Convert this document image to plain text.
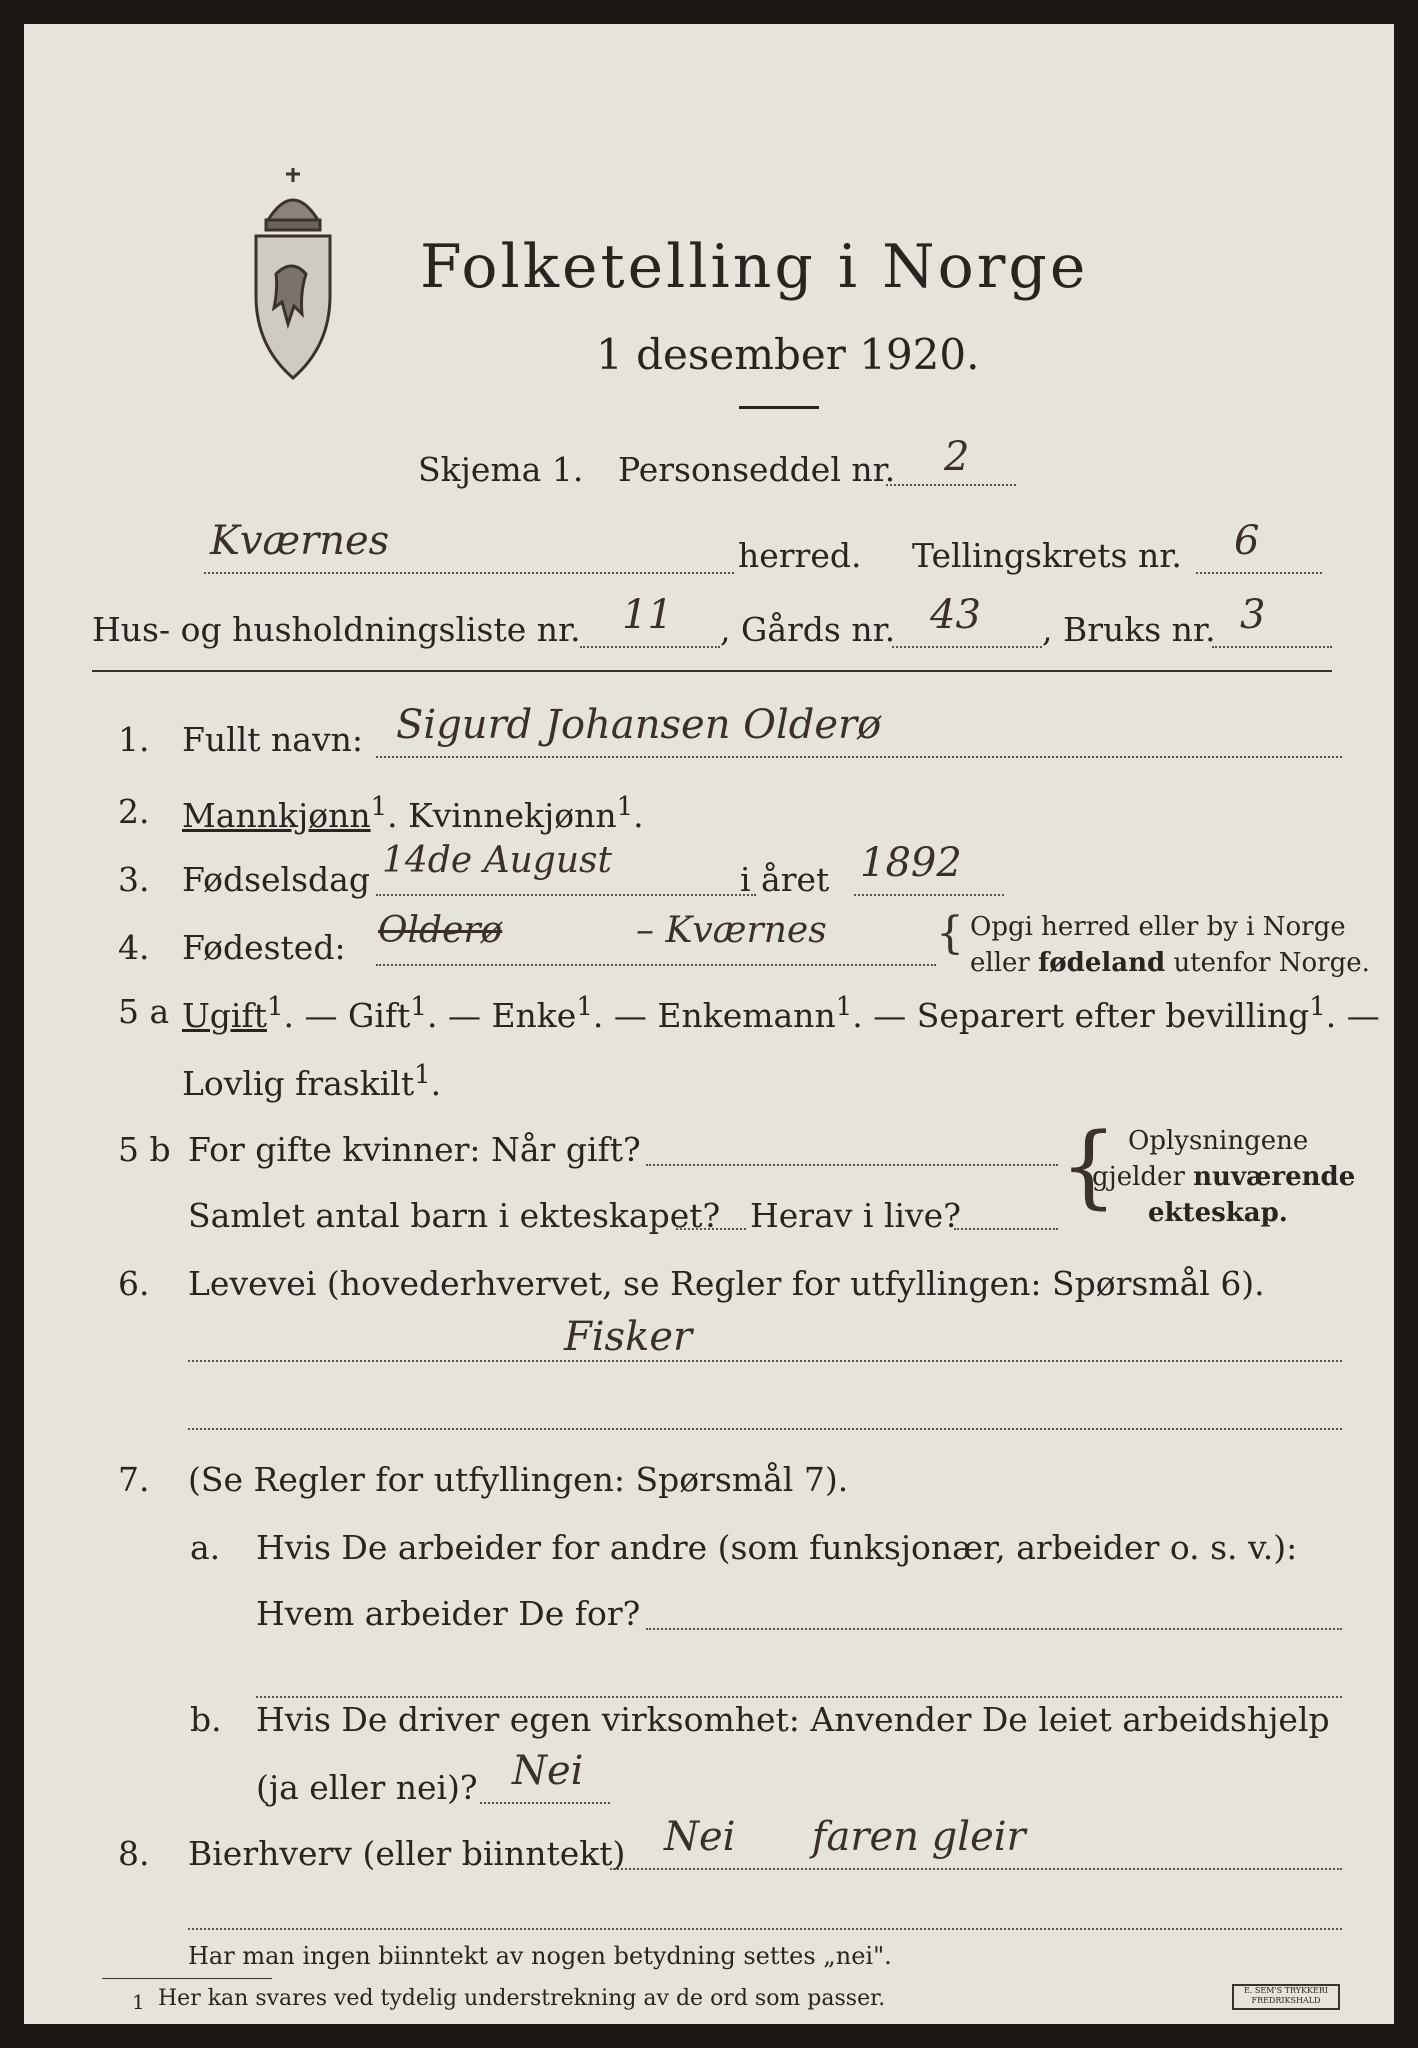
Folketelling i Norge
1 desember 1920.
Skjema 1. Personseddel nr. 2
Kværnes	herred. Tellingskrets nr. 6
Hus- og husholdningsliste nr. 11 , Gårds nr. 43 , Bruks nr. 3
1. Fullt navn: Sigurd Johansen Olderø
2. Mannkjønn$^1$. Kvinnekjønn$^1$.
3. Fødselsdag 14de August	i året 1892
4. Fødested: Olderø	– Kværnes { Opgi herred eller by i Norge
eller fødeland utenfor Norge.
5 a Ugift$^1$. — Gift$^1$. — Enke$^1$. — Enkemann$^1$. — Separert efter bevilling$^1$. —
Lovlig fraskilt$^1$.
5 b For gifte kvinner: Når gift?
Samlet antal barn i ekteskapet? Herav i live? { Oplysningene
gjelder nuværende
ekteskap.
6. Levevei (hovederhvervet, se Regler for utfyllingen: Spørsmål 6).
Fisker
7. (Se Regler for utfyllingen: Spørsmål 7).
a. Hvis De arbeider for andre (som funksjonær, arbeider o. s. v.):
Hvem arbeider De for?
b. Hvis De driver egen virksomhet: Anvender De leiet arbeidshjelp
(ja eller nei)? Nei
8. Bierhverv (eller biinntekt) Nei      faren gleir
Har man ingen biinntekt av nogen betydning settes „nei".
1 Her kan svares ved tydelig understrekning av de ord som passer.	E. SEM'S TRYKKERI FREDRIKSHALD
